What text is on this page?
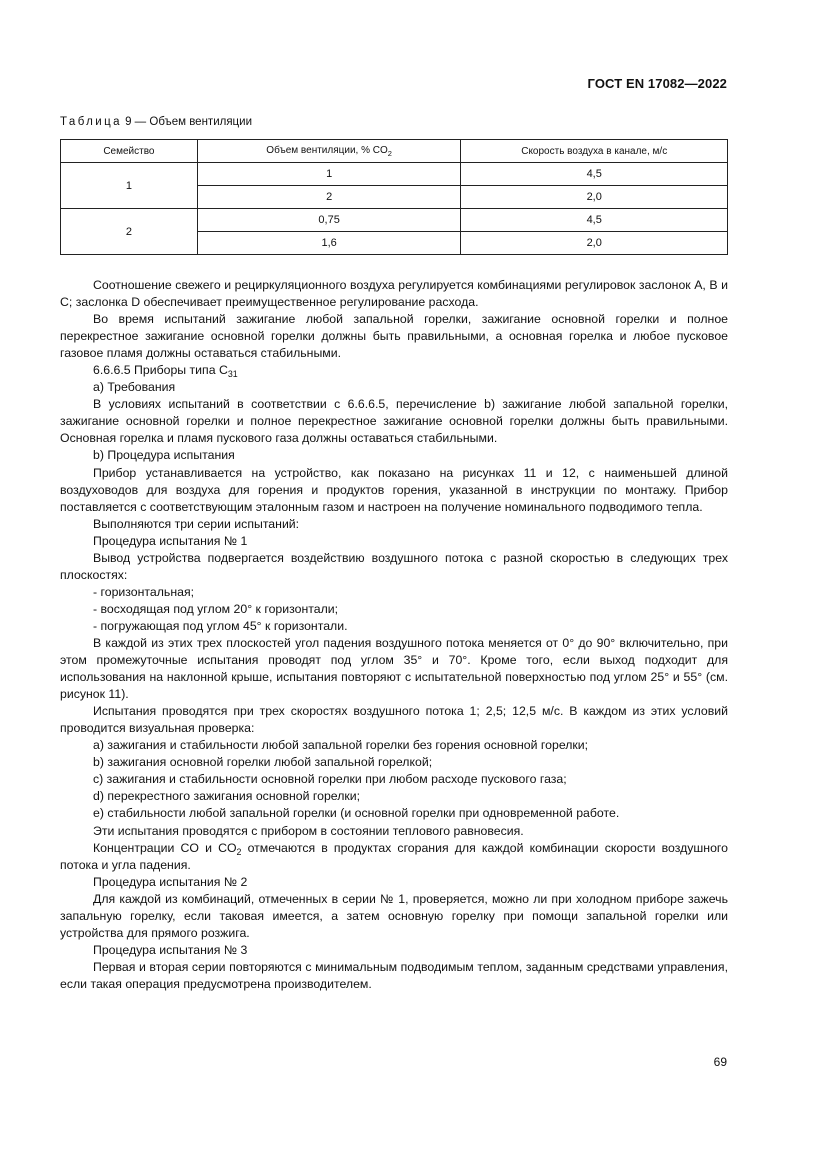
ГОСТ EN 17082—2022
Таблица 9 — Объем вентиляции
Семейство	Объем вентиляции, % $CO_2$	Скорость воздуха в канале, м/с
1	1	4,5
	2	2,0
2	0,75	4,5
	1,6	2,0

Соотношение свежего и рециркуляционного воздуха регулируется комбинациями регулировок заслонок A, B и C; заслонка D обеспечивает преимущественное регулирование расхода.

Во время испытаний зажигание любой запальной горелки, зажигание основной горелки и полное перекрестное зажигание основной горелки должны быть правильными, а основная горелка и любое пусковое газовое пламя должны оставаться стабильными.

6.6.6.5 Приборы типа $С_{31}$

a) Требования

В условиях испытаний в соответствии с 6.6.6.5, перечисление b) зажигание любой запальной горелки, зажигание основной горелки и полное перекрестное зажигание основной горелки должны быть правильными. Основная горелка и пламя пускового газа должны оставаться стабильными.

b) Процедура испытания

Прибор устанавливается на устройство, как показано на рисунках 11 и 12, с наименьшей длиной воздуховодов для воздуха для горения и продуктов горения, указанной в инструкции по монтажу. Прибор поставляется с соответствующим эталонным газом и настроен на получение номинального подводимого тепла.

Выполняются три серии испытаний:

Процедура испытания № 1

Вывод устройства подвергается воздействию воздушного потока с разной скоростью в следующих трех плоскостях:

- горизонтальная;

- восходящая под углом 20° к горизонтали;

- погружающая под углом 45° к горизонтали.

В каждой из этих трех плоскостей угол падения воздушного потока меняется от 0° до 90° включительно, при этом промежуточные испытания проводят под углом 35° и 70°. Кроме того, если выход подходит для использования на наклонной крыше, испытания повторяют с испытательной поверхностью под углом 25° и 55° (см. рисунок 11).

Испытания проводятся при трех скоростях воздушного потока 1; 2,5; 12,5 м/с. В каждом из этих условий проводится визуальная проверка:

a) зажигания и стабильности любой запальной горелки без горения основной горелки;

b) зажигания основной горелки любой запальной горелкой;

c) зажигания и стабильности основной горелки при любом расходе пускового газа;

d) перекрестного зажигания основной горелки;

e) стабильности любой запальной горелки (и основной горелки при одновременной работе.

Эти испытания проводятся с прибором в состоянии теплового равновесия.

Концентрации CO и $CO_2$ отмечаются в продуктах сгорания для каждой комбинации скорости воздушного потока и угла падения.

Процедура испытания № 2

Для каждой из комбинаций, отмеченных в серии № 1, проверяется, можно ли при холодном приборе зажечь запальную горелку, если таковая имеется, а затем основную горелку при помощи запальной горелки или устройства для прямого розжига.

Процедура испытания № 3

Первая и вторая серии повторяются с минимальным подводимым теплом, заданным средствами управления, если такая операция предусмотрена производителем.

69
